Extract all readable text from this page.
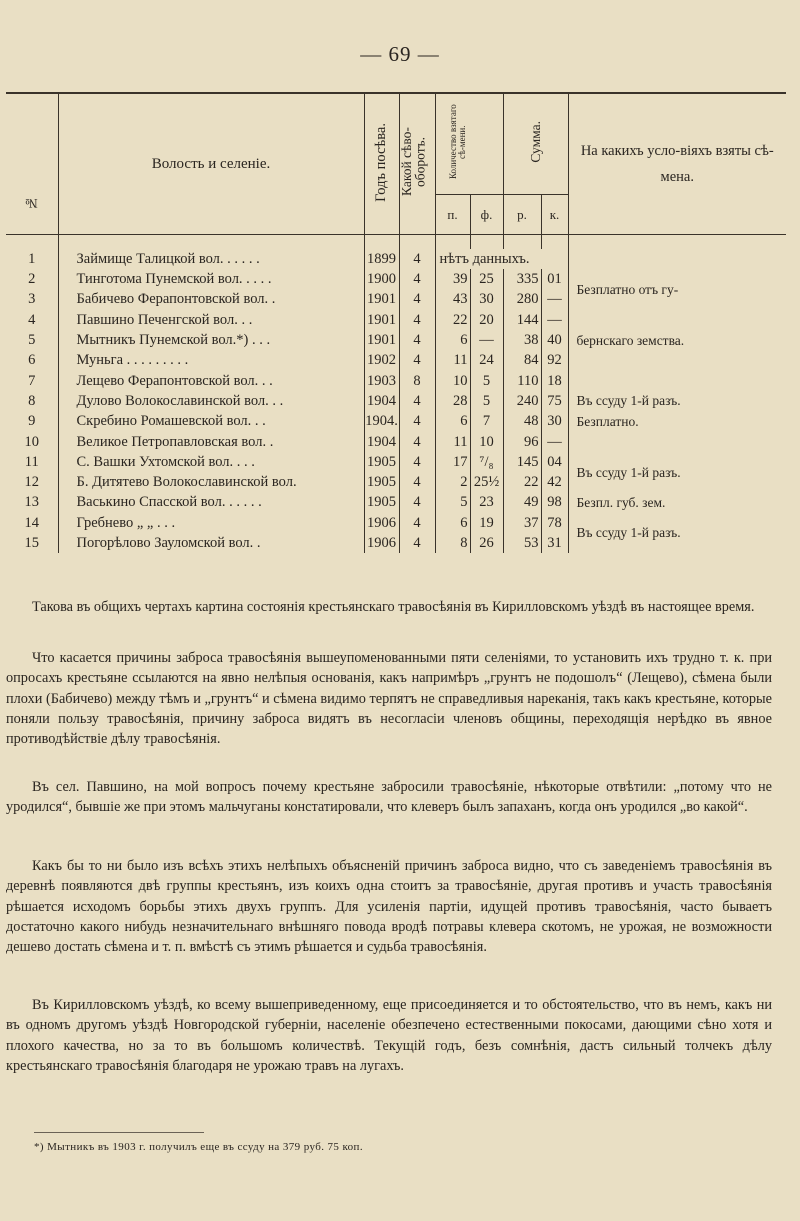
— 69 —
№	Волость и селеніе.	Годъ посѣва.	Какой сѣво-оборотъ.	Количество взятаго сѣ-мени.		Сумма.		На какихъ усло-віяхъ взяты сѣ-мена.
				п.	ф.	р.	к.	

1	Займище Талицкой вол. . . . . .	1899	4	нѣтъ данныхъ.				
2	Тинготома Пунемской вол. . . . .	1900	4	39	25	335	01	Безплатно отъ гу-
3	Бабичево Ферапонтовской вол. .	1901	4	43	30	280	—	
4	Павшино Печенгской вол. . .	1901	4	22	20	144	—	бернскаго земства.
5	Мытникъ Пунемской вол.*) . . .	1901	4	6	—	38	40	
6	Муньга . . . . . . . . .	1902	4	11	24	84	92	
7	Лещево Ферапонтовской вол. . .	1903	8	10	5	110	18	
8	Дулово Волокославинской вол. . .	1904	4	28	5	240	75	Въ ссуду 1-й разъ.
9	Скребино Ромашевской вол. . .	1904.	4	6	7	48	30	Безплатно.
10	Великое Петропавловская вол. .	1904	4	11	10	96	—	
11	С. Вашки Ухтомской вол. . . .	1905	4	17	⁷/₈	145	04	Въ ссуду 1-й разъ.
12	Б. Дитятево Волокославинской вол.	1905	4	2	25½	22	42	
13	Васькино Спасской вол. . . . . .	1905	4	5	23	49	98	Безпл. губ. зем.
14	Гребнево „ „ . . .	1906	4	6	19	37	78	Въ ссуду 1-й разъ.
15	Погорѣлово Зауломской вол. .	1906	4	8	26	53	31	

Такова въ общихъ чертахъ картина состоянія крестьянскаго травосѣянія въ Кирилловскомъ уѣздѣ въ настоящее время.

Что касается причины заброса травосѣянія вышеупоменованными пяти селеніями, то установить ихъ трудно т. к. при опросахъ крестьяне ссылаются на явно нелѣпыя основанія, какъ напримѣръ „грунтъ не подошолъ“ (Лещево), сѣмена были плохи (Бабичево) между тѣмъ и „грунтъ“ и сѣмена видимо терпятъ не справедливыя нареканія, такъ какъ крестьяне, которые поняли пользу травосѣянія, причину заброса видятъ въ несогласіи членовъ общины, переходящія нерѣдко въ явное противодѣйствіе дѣлу травосѣянія.

Въ сел. Павшино, на мой вопросъ почему крестьяне забросили травосѣяніе, нѣкоторые отвѣтили: „потому что не уродился“, бывшіе же при этомъ мальчуганы констатировали, что клеверъ былъ запаханъ, когда онъ уродился „во какой“.

Какъ бы то ни было изъ всѣхъ этихъ нелѣпыхъ объясненій причинъ заброса видно, что съ заведеніемъ травосѣянія въ деревнѣ появляются двѣ группы крестьянъ, изъ коихъ одна стоитъ за травосѣяніе, другая противъ и участь травосѣянія рѣшается исходомъ борьбы этихъ двухъ группъ. Для усиленія партіи, идущей противъ травосѣянія, часто бываетъ достаточно какого нибудь незначительнаго внѣшняго повода вродѣ потравы клевера скотомъ, не урожая, не возможности дешево достать сѣмена и т. п. вмѣстѣ съ этимъ рѣшается и судьба травосѣянія.

Въ Кирилловскомъ уѣздѣ, ко всему вышеприведенному, еще присоединяется и то обстоятельство, что въ немъ, какъ ни въ одномъ другомъ уѣздѣ Новгородской губерніи, населеніе обезпечено естественными покосами, дающими сѣно хотя и плохого качества, но за то въ большомъ количествѣ. Текущій годъ, безъ сомнѣнія, дастъ сильный толчекъ дѣлу крестьянскаго травосѣянія благодаря не урожаю травъ на лугахъ.

*) Мытникъ въ 1903 г. получилъ еще въ ссуду на 379 руб. 75 коп.
